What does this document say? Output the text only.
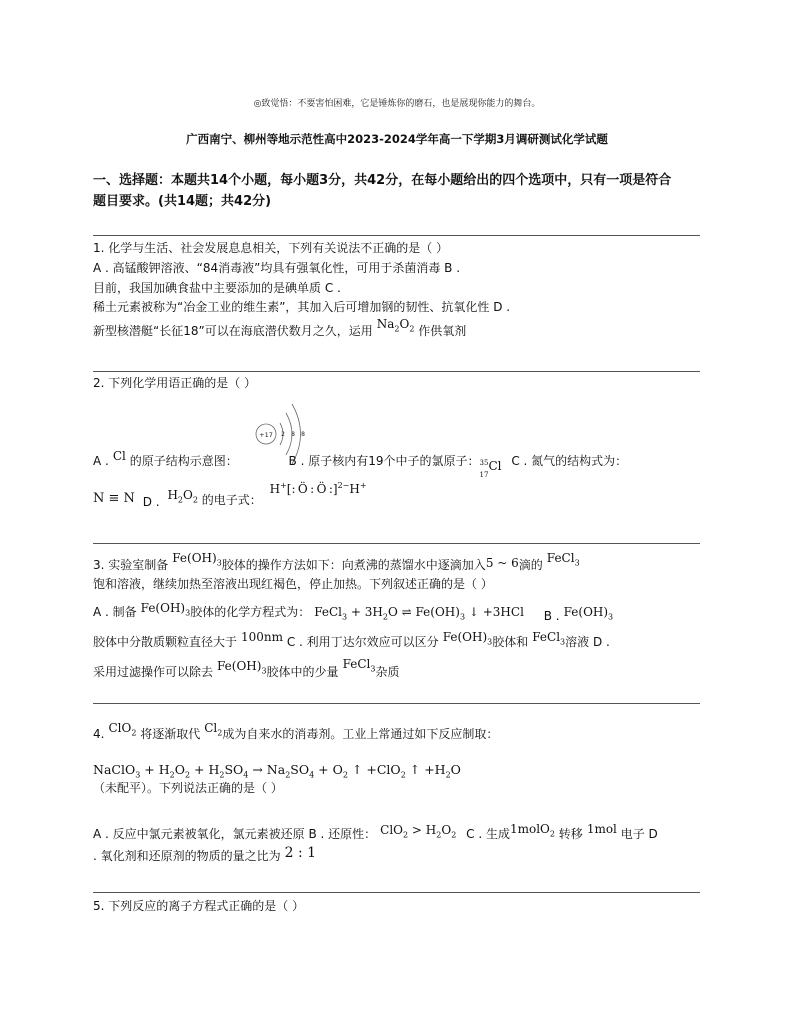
◎致觉悟：不要害怕困难，它是锤炼你的磨石，也是展现你能力的舞台。
广西南宁、柳州等地示范性高中2023-2024学年高一下学期3月调研测试化学试题
一、选择题：本题共14个小题，每小题3分，共42分，在每小题给出的四个选项中，只有一项是符合
题目要求。(共14题；共42分)
1. 化学与生活、社会发展息息相关，下列有关说法不正确的是（ ）
A . 高锰酸钾溶液、“84消毒液”均具有强氧化性，可用于杀菌消毒 B .
目前，我国加碘食盐中主要添加的是碘单质 C .
稀土元素被称为“冶金工业的维生素”，其加入后可增加钢的韧性、抗氧化性 D .
新型核潜艇“长征18”可以在海底潜伏数月之久，运用 $Na_2O_2$ 作供氧剂
2. 下列化学用语正确的是（ ）
+17 2 8 8
A . Cl 的原子结构示意图：	B . 原子核内有19个中子的氯原子： 35
17
Cl C . 氮气的结构式为：
N ≡ N D . $H_2O_2$ 的电子式： H+[: Ö : Ö :]$^{2-}$H+
3. 实验室制备 $Fe(OH)_3$胶体的操作方法如下：向煮沸的蒸馏水中逐滴加入5 ~ 6滴的 FeCl$_3$
饱和溶液，继续加热至溶液出现红褐色，停止加热。下列叙述正确的是（ ）
A . 制备 $Fe(OH)_3$胶体的化学方程式为： FeCl$_3$ + $3H_2O$ ⇌ $Fe(OH)_3$ ↓ +3HCl B . $Fe(OH)_3$
胶体中分散质颗粒直径大于 100nm C . 利用丁达尔效应可以区分 $Fe(OH)_3$胶体和 FeCl$_3$溶液 D .
采用过滤操作可以除去 $Fe(OH)_3$胶体中的少量FeCl$_3$杂质
4. ClO$_2$ 将逐渐取代 $Cl_2$成为自来水的消毒剂。工业上常通过如下反应制取：
NaClO$_3$ + $H_2O_2 + H_2SO_4 \to Na_2SO_4 + O_2$ ↑ +ClO$_2$ ↑ $+H_2O$
（未配平）。下列说法正确的是（ ）
A . 反应中氯元素被氧化，氯元素被还原 B . 还原性： $ClO_2 > H_2O_2$ C . 生成1molO$_2$ 转移 1mol 电子 D
. 氧化剂和还原剂的物质的量之比为 2 : 1
5. 下列反应的离子方程式正确的是（ ）
